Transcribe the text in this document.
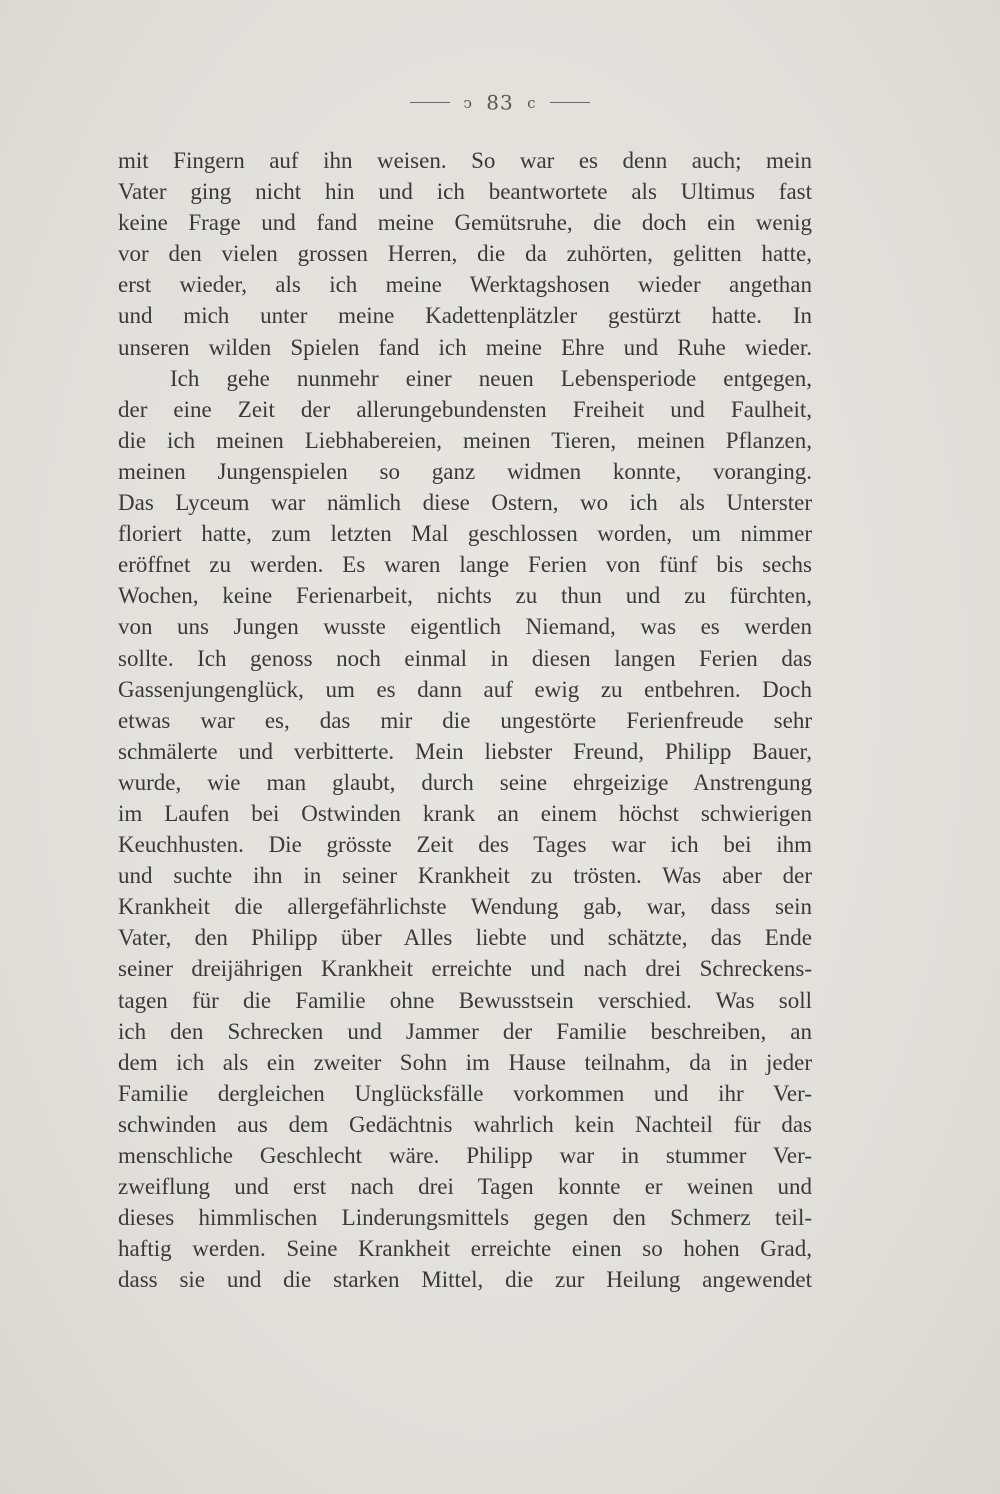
ↄ 83 c
mit Fingern auf ihn weisen. So war es denn auch; mein
Vater ging nicht hin und ich beantwortete als Ultimus fast
keine Frage und fand meine Gemütsruhe, die doch ein wenig
vor den vielen grossen Herren, die da zuhörten, gelitten hatte,
erst wieder, als ich meine Werktagshosen wieder angethan
und mich unter meine Kadettenplätzler gestürzt hatte. In
unseren wilden Spielen fand ich meine Ehre und Ruhe wieder.
Ich gehe nunmehr einer neuen Lebensperiode entgegen,
der eine Zeit der allerungebundensten Freiheit und Faulheit,
die ich meinen Liebhabereien, meinen Tieren, meinen Pflanzen,
meinen Jungenspielen so ganz widmen konnte, voranging.
Das Lyceum war nämlich diese Ostern, wo ich als Unterster
floriert hatte, zum letzten Mal geschlossen worden, um nimmer
eröffnet zu werden. Es waren lange Ferien von fünf bis sechs
Wochen, keine Ferienarbeit, nichts zu thun und zu fürchten,
von uns Jungen wusste eigentlich Niemand, was es werden
sollte. Ich genoss noch einmal in diesen langen Ferien das
Gassenjungenglück, um es dann auf ewig zu entbehren. Doch
etwas war es, das mir die ungestörte Ferienfreude sehr
schmälerte und verbitterte. Mein liebster Freund, Philipp Bauer,
wurde, wie man glaubt, durch seine ehrgeizige Anstrengung
im Laufen bei Ostwinden krank an einem höchst schwierigen
Keuchhusten. Die grösste Zeit des Tages war ich bei ihm
und suchte ihn in seiner Krankheit zu trösten. Was aber der
Krankheit die allergefährlichste Wendung gab, war, dass sein
Vater, den Philipp über Alles liebte und schätzte, das Ende
seiner dreijährigen Krankheit erreichte und nach drei Schreckens-
tagen für die Familie ohne Bewusstsein verschied. Was soll
ich den Schrecken und Jammer der Familie beschreiben, an
dem ich als ein zweiter Sohn im Hause teilnahm, da in jeder
Familie dergleichen Unglücksfälle vorkommen und ihr Ver-
schwinden aus dem Gedächtnis wahrlich kein Nachteil für das
menschliche Geschlecht wäre. Philipp war in stummer Ver-
zweiflung und erst nach drei Tagen konnte er weinen und
dieses himmlischen Linderungsmittels gegen den Schmerz teil-
haftig werden. Seine Krankheit erreichte einen so hohen Grad,
dass sie und die starken Mittel, die zur Heilung angewendet
